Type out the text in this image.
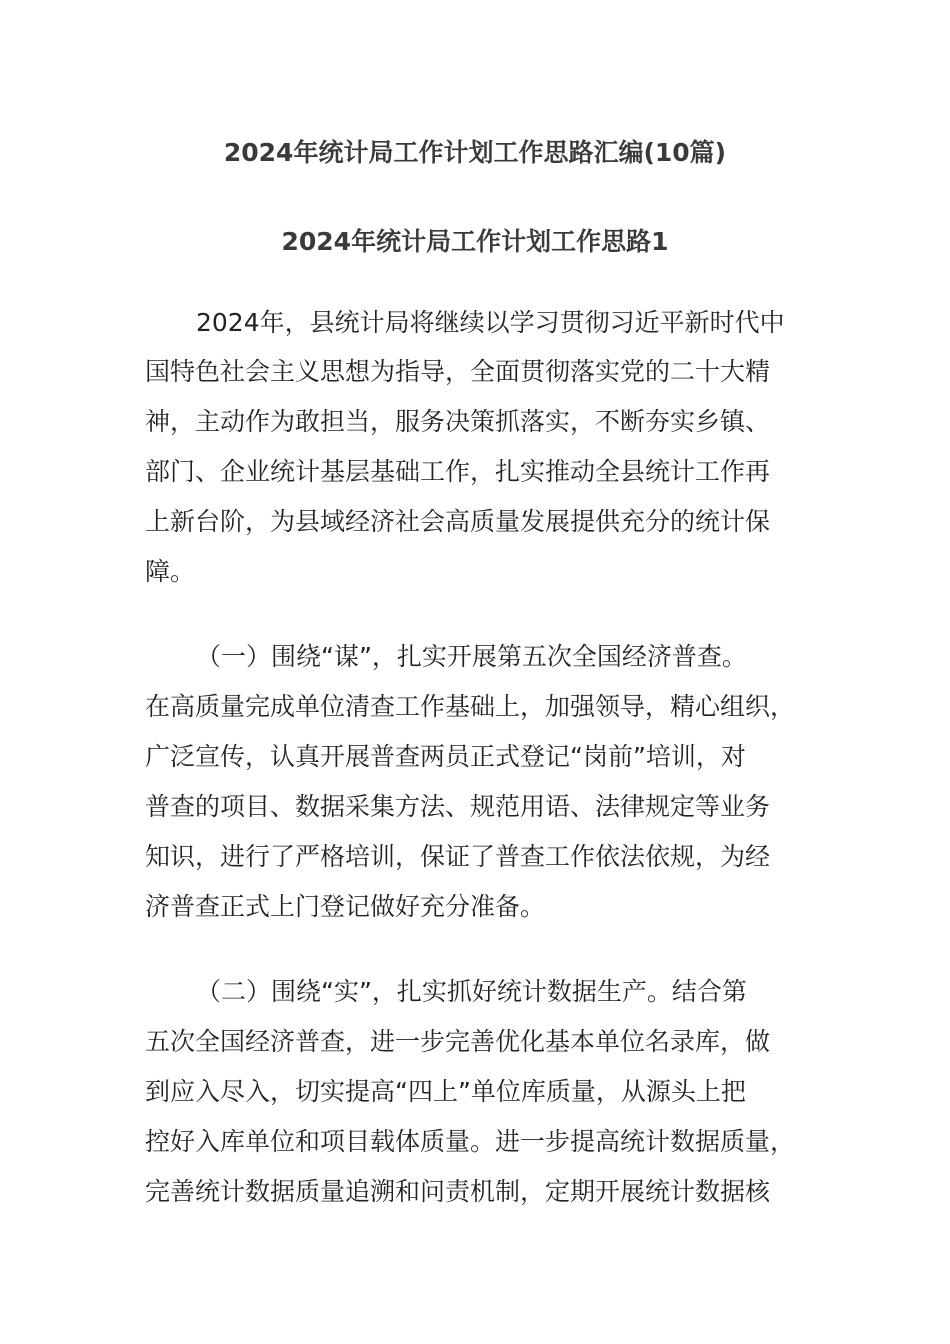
2024年统计局工作计划工作思路汇编(10篇)
2024年统计局工作计划工作思路1
2024年，县统计局将继续以学习贯彻习近平新时代中
国特色社会主义思想为指导，全面贯彻落实党的二十大精
神，主动作为敢担当，服务决策抓落实，不断夯实乡镇、
部门、企业统计基层基础工作，扎实推动全县统计工作再
上新台阶，为县域经济社会高质量发展提供充分的统计保
障。
（一）围绕“谋”，扎实开展第五次全国经济普查。
在高质量完成单位清查工作基础上，加强领导，精心组织，
广泛宣传，认真开展普查两员正式登记“岗前”培训，对
普查的项目、数据采集方法、规范用语、法律规定等业务
知识，进行了严格培训，保证了普查工作依法依规，为经
济普查正式上门登记做好充分准备。
（二）围绕“实”，扎实抓好统计数据生产。结合第
五次全国经济普查，进一步完善优化基本单位名录库，做
到应入尽入，切实提高“四上”单位库质量，从源头上把
控好入库单位和项目载体质量。进一步提高统计数据质量，
完善统计数据质量追溯和问责机制，定期开展统计数据核
